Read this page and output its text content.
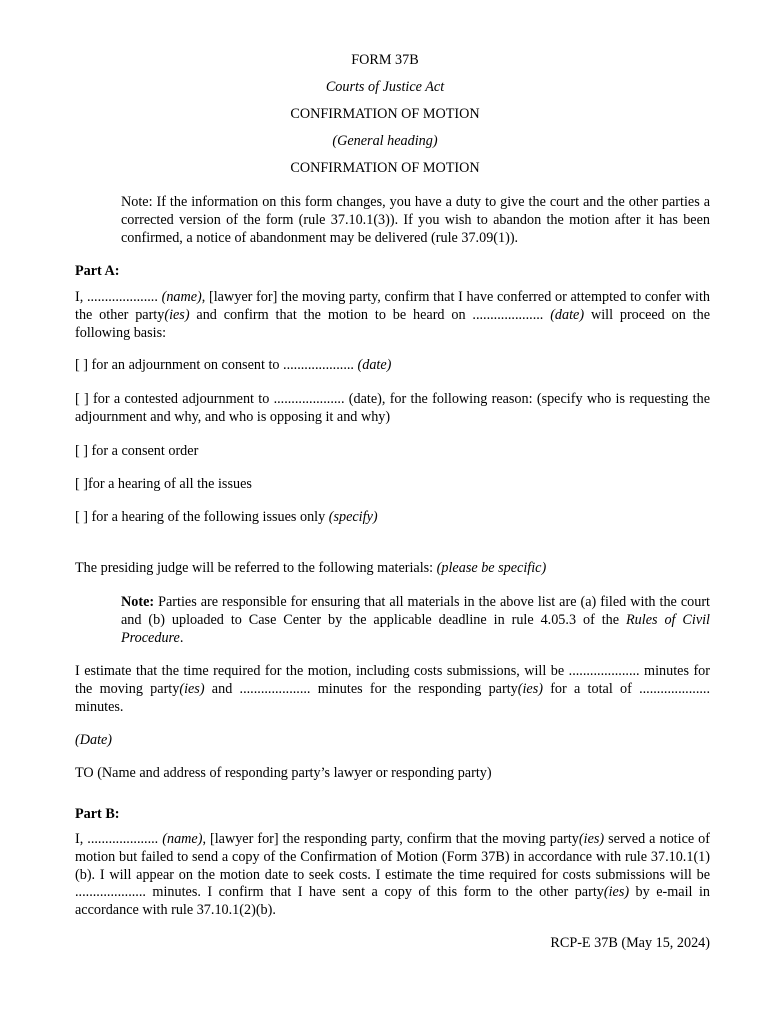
FORM 37B

Courts of Justice Act

CONFIRMATION OF MOTION

(General heading)

CONFIRMATION OF MOTION

Note: If the information on this form changes, you have a duty to give the court and the other parties a corrected version of the form (rule 37.10.1(3)). If you wish to abandon the motion after it has been confirmed, a notice of abandonment may be delivered (rule 37.09(1)).

Part A:

I, .................... (name), [lawyer for] the moving party, confirm that I have conferred or attempted to confer with the other party(ies) and confirm that the motion to be heard on .................... (date) will proceed on the following basis:

[ ] for an adjournment on consent to .................... (date)

[ ] for a contested adjournment to .................... (date), for the following reason: (specify who is requesting the adjournment and why, and who is opposing it and why)

[ ] for a consent order

[ ]for a hearing of all the issues

[ ] for a hearing of the following issues only (specify)

The presiding judge will be referred to the following materials: (please be specific)

Note: Parties are responsible for ensuring that all materials in the above list are (a) filed with the court and (b) uploaded to Case Center by the applicable deadline in rule 4.05.3 of the Rules of Civil Procedure.

I estimate that the time required for the motion, including costs submissions, will be .................... minutes for the moving party(ies) and .................... minutes for the responding party(ies) for a total of .................... minutes.

(Date)

TO (Name and address of responding party’s lawyer or responding party)

Part B:

I, .................... (name), [lawyer for] the responding party, confirm that the moving party(ies) served a notice of motion but failed to send a copy of the Confirmation of Motion (Form 37B) in accordance with rule 37.10.1(1)(b). I will appear on the motion date to seek costs. I estimate the time required for costs submissions will be .................... minutes. I confirm that I have sent a copy of this form to the other party(ies) by e-mail in accordance with rule 37.10.1(2)(b).

RCP-E 37B (May 15, 2024)
